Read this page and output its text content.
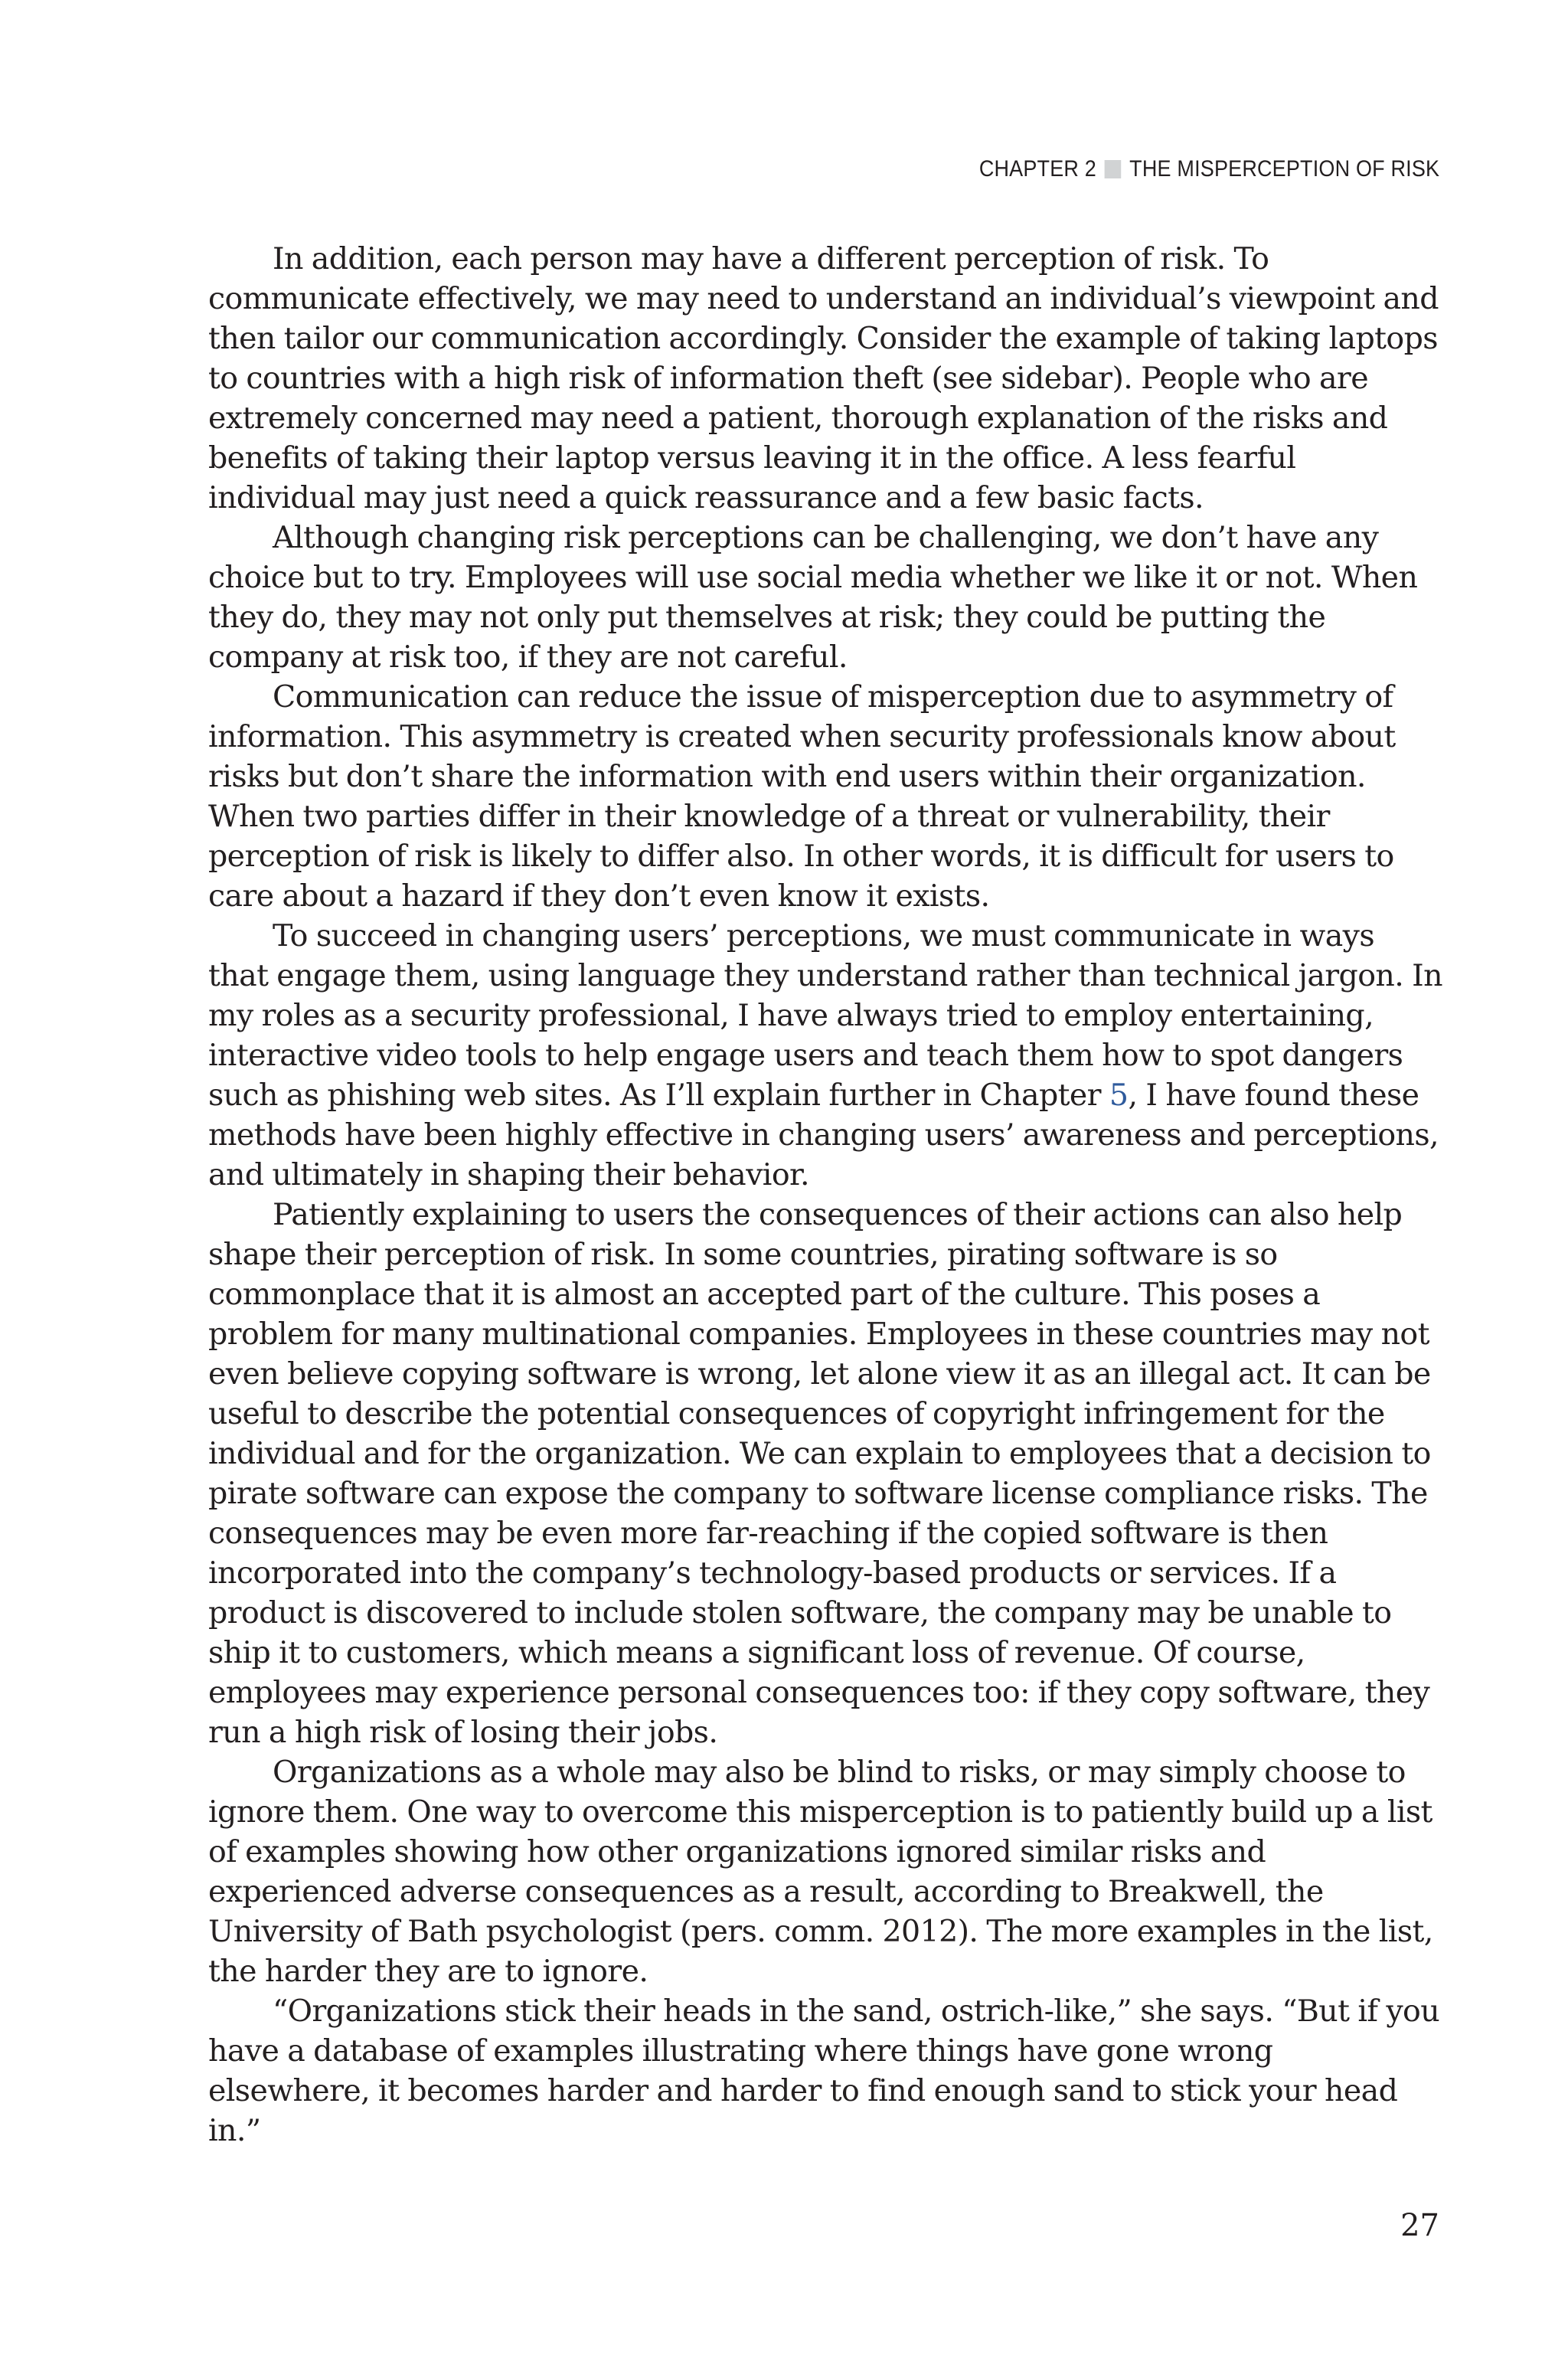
CHAPTER 2 THE MISPERCEPTION OF RISK

In addition, each person may have a different perception of risk. To communicate effectively, we may need to understand an individual’s viewpoint and then tailor our communication accordingly. Consider the example of taking laptops to countries with a high risk of information theft (see sidebar). People who are extremely concerned may need a patient, thorough explanation of the risks and benefits of taking their laptop versus leaving it in the office. A less fearful individual may just need a quick reassurance and a few basic facts.

Although changing risk perceptions can be challenging, we don’t have any choice but to try. Employees will use social media whether we like it or not. When they do, they may not only put themselves at risk; they could be putting the company at risk too, if they are not careful.

Communication can reduce the issue of misperception due to asymmetry of information. This asymmetry is created when security professionals know about risks but don’t share the information with end users within their organization. When two parties differ in their knowledge of a threat or vulnerability, their perception of risk is likely to differ also. In other words, it is difficult for users to care about a hazard if they don’t even know it exists.

To succeed in changing users’ perceptions, we must communicate in ways that engage them, using language they understand rather than technical jargon. In my roles as a security professional, I have always tried to employ entertaining, interactive video tools to help engage users and teach them how to spot dangers such as phishing web sites. As I’ll explain further in Chapter 5, I have found these methods have been highly effective in changing users’ awareness and perceptions, and ultimately in shaping their behavior.

Patiently explaining to users the consequences of their actions can also help shape their perception of risk. In some countries, pirating software is so commonplace that it is almost an accepted part of the culture. This poses a problem for many multinational companies. Employees in these countries may not even believe copying software is wrong, let alone view it as an illegal act. It can be useful to describe the potential consequences of copyright infringement for the individual and for the organization. We can explain to employees that a decision to pirate software can expose the company to software license compliance risks. The consequences may be even more far-reaching if the copied software is then incorporated into the company’s technology-based products or services. If a product is discovered to include stolen software, the company may be unable to ship it to customers, which means a significant loss of revenue. Of course, employees may experience personal consequences too: if they copy software, they run a high risk of losing their jobs.

Organizations as a whole may also be blind to risks, or may simply choose to ignore them. One way to overcome this misperception is to patiently build up a list of examples showing how other organizations ignored similar risks and experienced adverse consequences as a result, according to Breakwell, the University of Bath psychologist (pers. comm. 2012). The more examples in the list, the harder they are to ignore.

“Organizations stick their heads in the sand, ostrich-like,” she says. “But if you have a database of examples illustrating where things have gone wrong elsewhere, it becomes harder and harder to find enough sand to stick your head in.”

27
